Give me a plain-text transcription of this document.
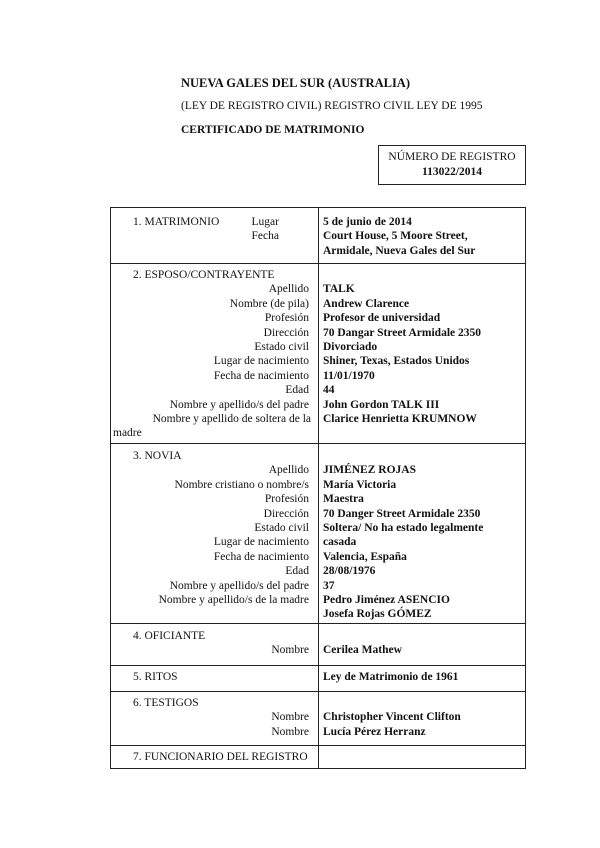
NUEVA GALES DEL SUR (AUSTRALIA)
(LEY DE REGISTRO CIVIL) REGISTRO CIVIL LEY DE 1995
CERTIFICADO DE MATRIMONIO
NÚMERO DE REGISTRO
113022/2014
1. MATRIMONIO	Lugar
Fecha
5 de junio de 2014
Court House, 5 Moore Street,
Armidale, Nueva Gales del Sur
2. ESPOSO/CONTRAYENTE
Apellido
Nombre (de pila)
Profesión
Dirección
Estado civil
Lugar de nacimiento
Fecha de nacimiento
Edad
Nombre y apellido/s del padre
Nombre y apellido de soltera de la
madre
TALK
Andrew Clarence
Profesor de universidad
70 Dangar Street Armidale 2350
Divorciado
Shiner, Texas, Estados Unidos
11/01/1970
44
John Gordon TALK III
Clarice Henrietta KRUMNOW
3. NOVIA
Apellido
Nombre cristiano o nombre/s
Profesión
Dirección
Estado civil
Lugar de nacimiento
Fecha de nacimiento
Edad
Nombre y apellido/s del padre
Nombre y apellido/s de la madre
JIMÉNEZ ROJAS
María Victoria
Maestra
70 Danger Street Armidale 2350
Soltera/ No ha estado legalmente
casada
Valencia, España
28/08/1976
37
Pedro Jiménez ASENCIO
Josefa Rojas GÓMEZ
4. OFICIANTE
Nombre Cerilea Mathew
5. RITOS	Ley de Matrimonio de 1961
6. TESTIGOS
Nombre
Nombre
Christopher Vincent Clifton
Lucía Pérez Herranz
7. FUNCIONARIO DEL REGISTRO
